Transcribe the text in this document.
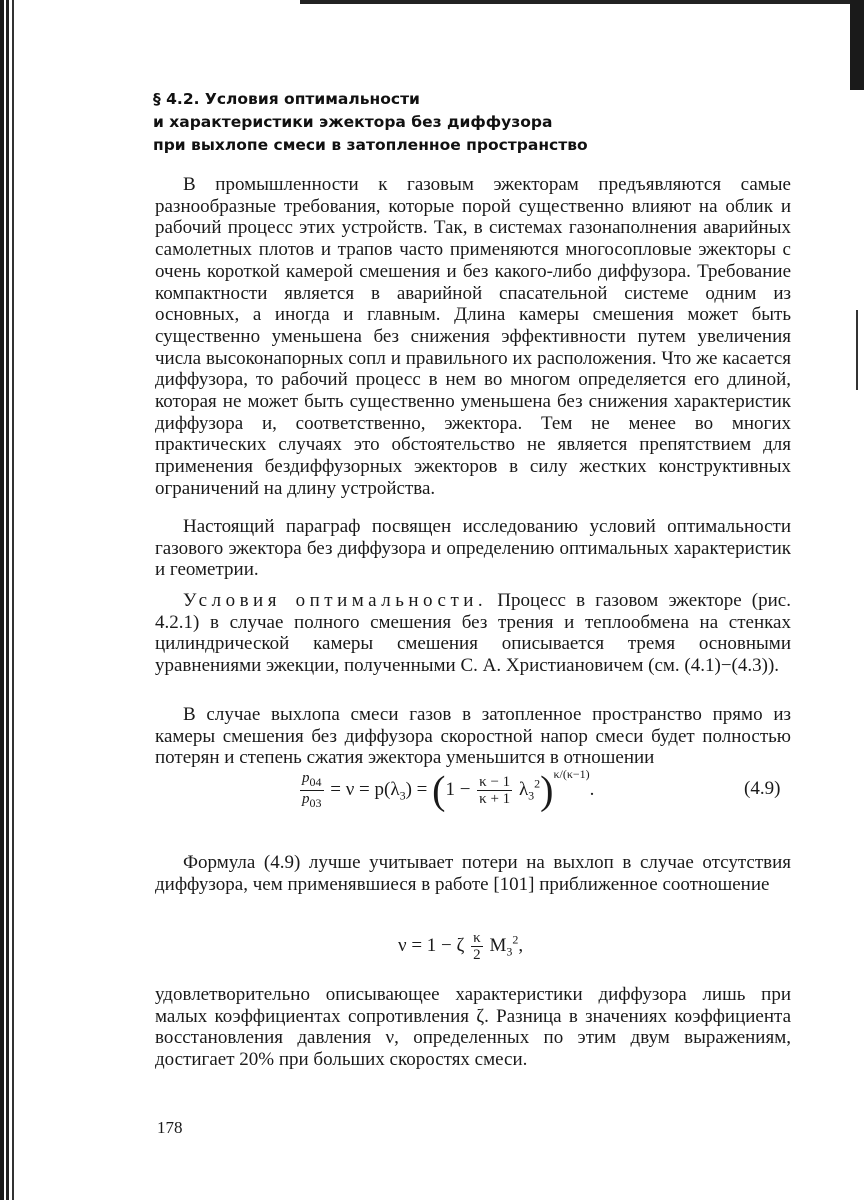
§ 4.2. Условия оптимальности
и характеристики эжектора без диффузора
при выхлопе смеси в затопленное пространство

В промышленности к газовым эжекторам предъявляются самые разнообразные требования, которые порой существенно влияют на облик и рабочий процесс этих устройств. Так, в системах газонаполнения аварийных самолетных плотов и трапов часто применяются многосопловые эжекторы с очень короткой камерой смешения и без какого-либо диффузора. Требование компактности является в аварийной спасательной системе одним из основных, а иногда и главным. Длина камеры смешения может быть существенно уменьшена без снижения эффективности путем увеличения числа высоконапорных сопл и правильного их расположения. Что же касается диффузора, то рабочий процесс в нем во многом определяется его длиной, которая не может быть существенно уменьшена без снижения характеристик диффузора и, соответственно, эжектора. Тем не менее во многих практических случаях это обстоятельство не является препятствием для применения бездиффузорных эжекторов в силу жестких конструктивных ограничений на длину устройства.

Настоящий параграф посвящен исследованию условий оптимальности газового эжектора без диффузора и определению оптимальных характеристик и геометрии.

Условия оптимальности. Процесс в газовом эжекторе (рис. 4.2.1) в случае полного смешения без трения и теплообмена на стенках цилиндрической камеры смешения описывается тремя основными уравнениями эжекции, полученными С. А. Христиановичем (см. (4.1)−(4.3)).

В случае выхлопа смеси газов в затопленное пространство прямо из камеры смешения без диффузора скоростной напор смеси будет полностью потерян и степень сжатия эжектора уменьшится в отношении

$\frac{p_{04}}{p_{03}} = \nu = p(\lambda_3) = (1 - \frac{\kappa - 1}{\kappa + 1} \lambda_3^2)^{\kappa/(\kappa-1)}$.	(4.9)

Формула (4.9) лучше учитывает потери на выхлоп в случае отсутствия диффузора, чем применявшиеся в работе [101] приближенное соотношение

ν = 1 − ζ $\frac{\kappa}{2} M_3^2$,

удовлетворительно описывающее характеристики диффузора лишь при малых коэффициентах сопротивления ζ. Разница в значениях коэффициента восстановления давления ν, определенных по этим двум выражениям, достигает 20% при больших скоростях смеси.

178
